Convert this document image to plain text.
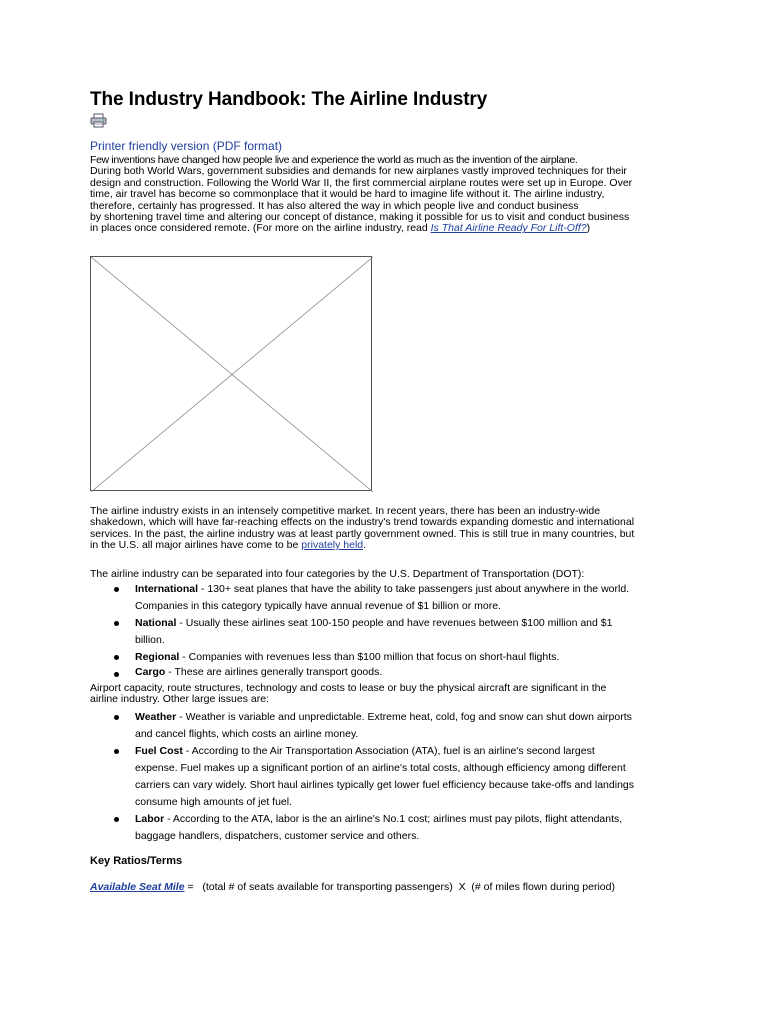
The Industry Handbook: The Airline Industry
Printer friendly version (PDF format)

Few inventions have changed how people live and experience the world as much as the invention of the airplane.

During both World Wars, government subsidies and demands for new airplanes vastly improved techniques for their

design and construction. Following the World War II, the first commercial airplane routes were set up in Europe. Over

time, air travel has become so commonplace that it would be hard to imagine life without it. The airline industry,

therefore, certainly has progressed. It has also altered the way in which people live and conduct business

by shortening travel time and altering our concept of distance, making it possible for us to visit and conduct business

in places once considered remote. (For more on the airline industry, read Is That Airline Ready For Lift-Off?)

The airline industry exists in an intensely competitive market. In recent years, there has been an industry-wide

shakedown, which will have far-reaching effects on the industry's trend towards expanding domestic and international

services. In the past, the airline industry was at least partly government owned. This is still true in many countries, but

in the U.S. all major airlines have come to be privately held.

The airline industry can be separated into four categories by the U.S. Department of Transportation (DOT):

International - 130+ seat planes that have the ability to take passengers just about anywhere in the world.
Companies in this category typically have annual revenue of $1 billion or more.
National - Usually these airlines seat 100-150 people and have revenues between $100 million and $1
billion.
Regional - Companies with revenues less than $100 million that focus on short-haul flights.
Cargo - These are airlines generally transport goods.

Airport capacity, route structures, technology and costs to lease or buy the physical aircraft are significant in the

airline industry. Other large issues are:

Weather - Weather is variable and unpredictable. Extreme heat, cold, fog and snow can shut down airports
and cancel flights, which costs an airline money.
Fuel Cost - According to the Air Transportation Association (ATA), fuel is an airline's second largest
expense. Fuel makes up a significant portion of an airline's total costs, although efficiency among different
carriers can vary widely. Short haul airlines typically get lower fuel efficiency because take-offs and landings
consume high amounts of jet fuel.
Labor - According to the ATA, labor is the an airline's No.1 cost; airlines must pay pilots, flight attendants,
baggage handlers, dispatchers, customer service and others.

Key Ratios/Terms

Available Seat Mile =   (total # of seats available for transporting passengers)  X  (# of miles flown during period)
